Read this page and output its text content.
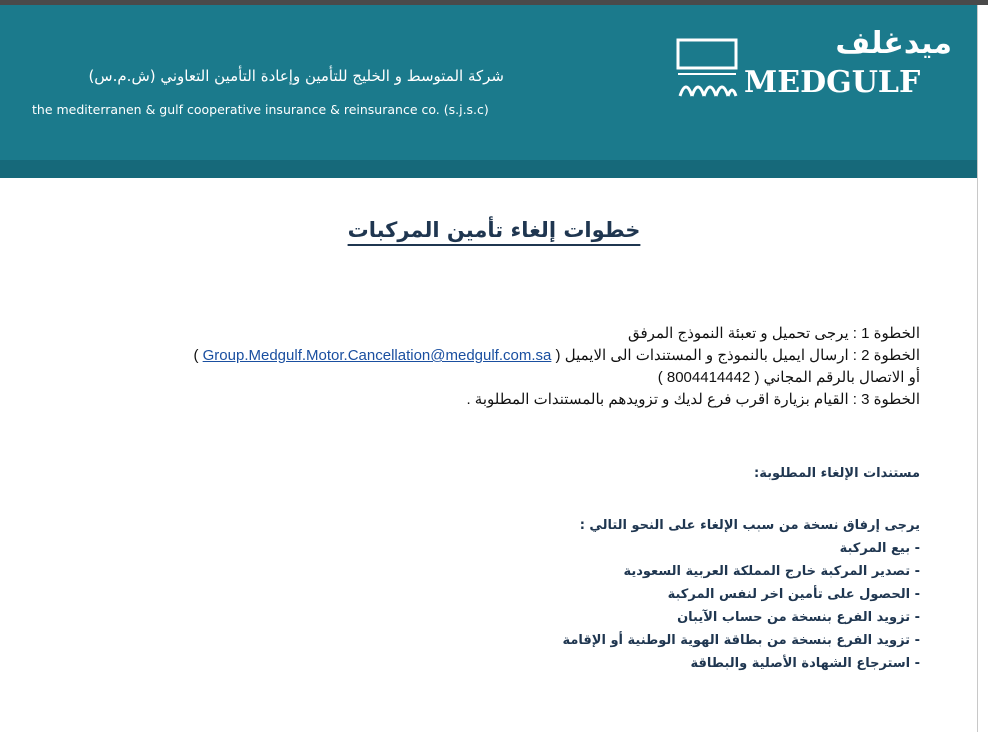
شركة المتوسط و الخليج للتأمين وإعادة التأمين التعاوني (ش.م.س)
the mediterranen & gulf cooperative insurance & reinsurance co. (s.j.s.c)
ميدغلف
MEDGULF
خطوات إلغاء تأمين المركبات
الخطوة 1 : يرجى تحميل و تعبئة النموذج المرفق
الخطوة 2 : ارسال ايميل بالنموذج و المستندات الى الايميل ( Group.Medgulf.Motor.Cancellation@medgulf.com.sa )
أو الاتصال بالرقم المجاني ( 8004414442 )
الخطوة 3 : القيام بزيارة اقرب فرع لديك و تزويدهم بالمستندات المطلوبة .
مستندات الإلغاء المطلوبة:
يرجى إرفاق نسخة من سبب الإلغاء على النحو التالي :
- بيع المركبة
- تصدير المركبة خارج المملكة العربية السعودية
- الحصول على تأمين اخر لنفس المركبة
- تزويد الفرع بنسخة من حساب الآيبان
- تزويد الفرع بنسخة من بطاقة الهوية الوطنية أو الإقامة
- استرجاع الشهادة الأصلية والبطاقة
